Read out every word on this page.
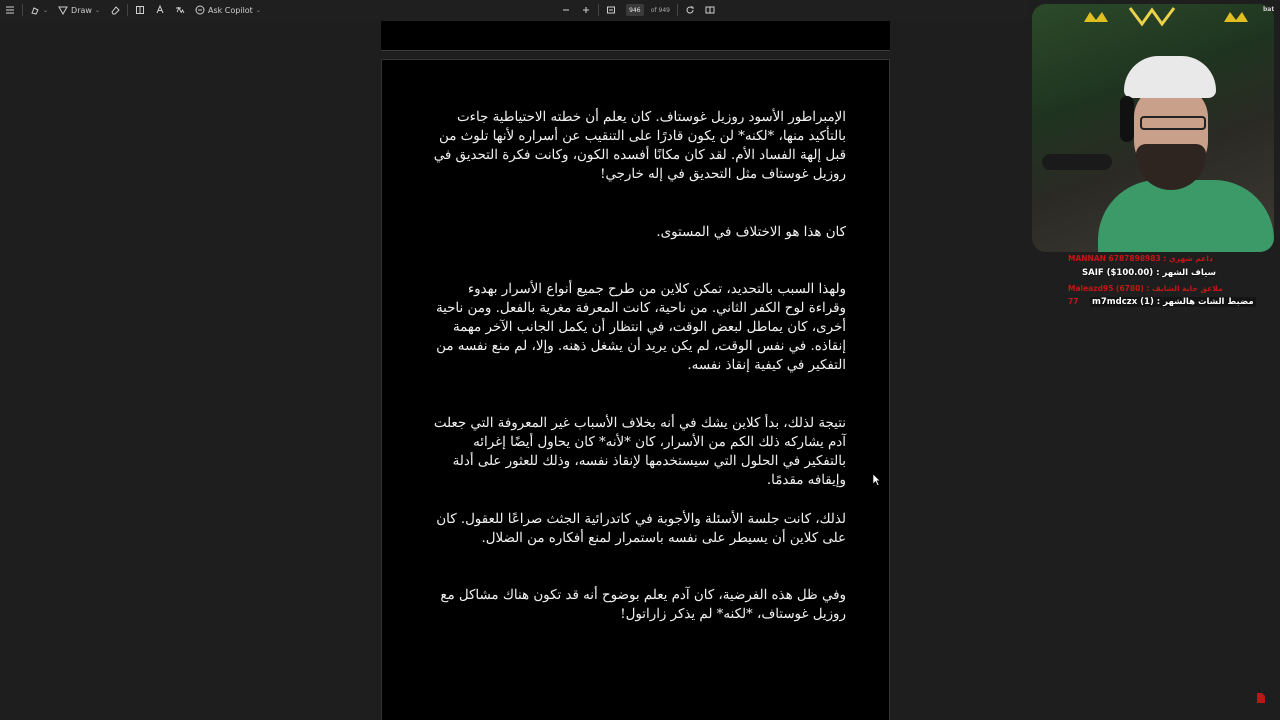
⌄	Draw ⌄	Ask Copilot ⌄	946	of 949

الإمبراطور الأسود روزيل غوستاف. كان يعلم أن خطته الاحتياطية جاءت بالتأكيد منها، *لكنه* لن يكون قادرًا على التنقيب عن أسراره لأنها تلوث من قبل إلهة الفساد الأم. لقد كان مكانًا أفسده الكون، وكانت فكرة التحديق في روزيل غوستاف مثل التحديق في إله خارجي!

كان هذا هو الاختلاف في المستوى.

ولهذا السبب بالتحديد، تمكن كلاين من طرح جميع أنواع الأسرار بهدوء وقراءة لوح الكفر الثاني. من ناحية، كانت المعرفة مغرية بالفعل. ومن ناحية أخرى، كان يماطل لبعض الوقت، في انتظار أن يكمل الجانب الآخر مهمة إنقاذه. في نفس الوقت، لم يكن يريد أن يشغل ذهنه. وإلا، لم منع نفسه من التفكير في كيفية إنقاذ نفسه.

نتيجة لذلك، بدأ كلاين يشك في أنه بخلاف الأسباب غير المعروفة التي جعلت آدم يشاركه ذلك الكم من الأسرار، كان *لأنه* كان يحاول أيضًا إغرائه بالتفكير في الحلول التي سيستخدمها لإنقاذ نفسه، وذلك للعثور على أدلة وإيقافه مقدمًا.

لذلك، كانت جلسة الأسئلة والأجوبة في كاتدرائية الجثث صراعًا للعقول. كان على كلاين أن يسيطر على نفسه باستمرار لمنع أفكاره من الضلال.

وفي ظل هذه الفرضية، كان آدم يعلم بوضوح أنه قد تكون هناك مشاكل مع روزيل غوستاف، *لكنه* لم يذكر زاراتول!

bat
MANNAN 6787898983 : داعم شهري
SAIF ($100.00) : سياف الشهر
Maleazd95 (6780) : ملاعق جاية الشايف
77 m7mdczx (1) : مضبط الشات هالشهر
